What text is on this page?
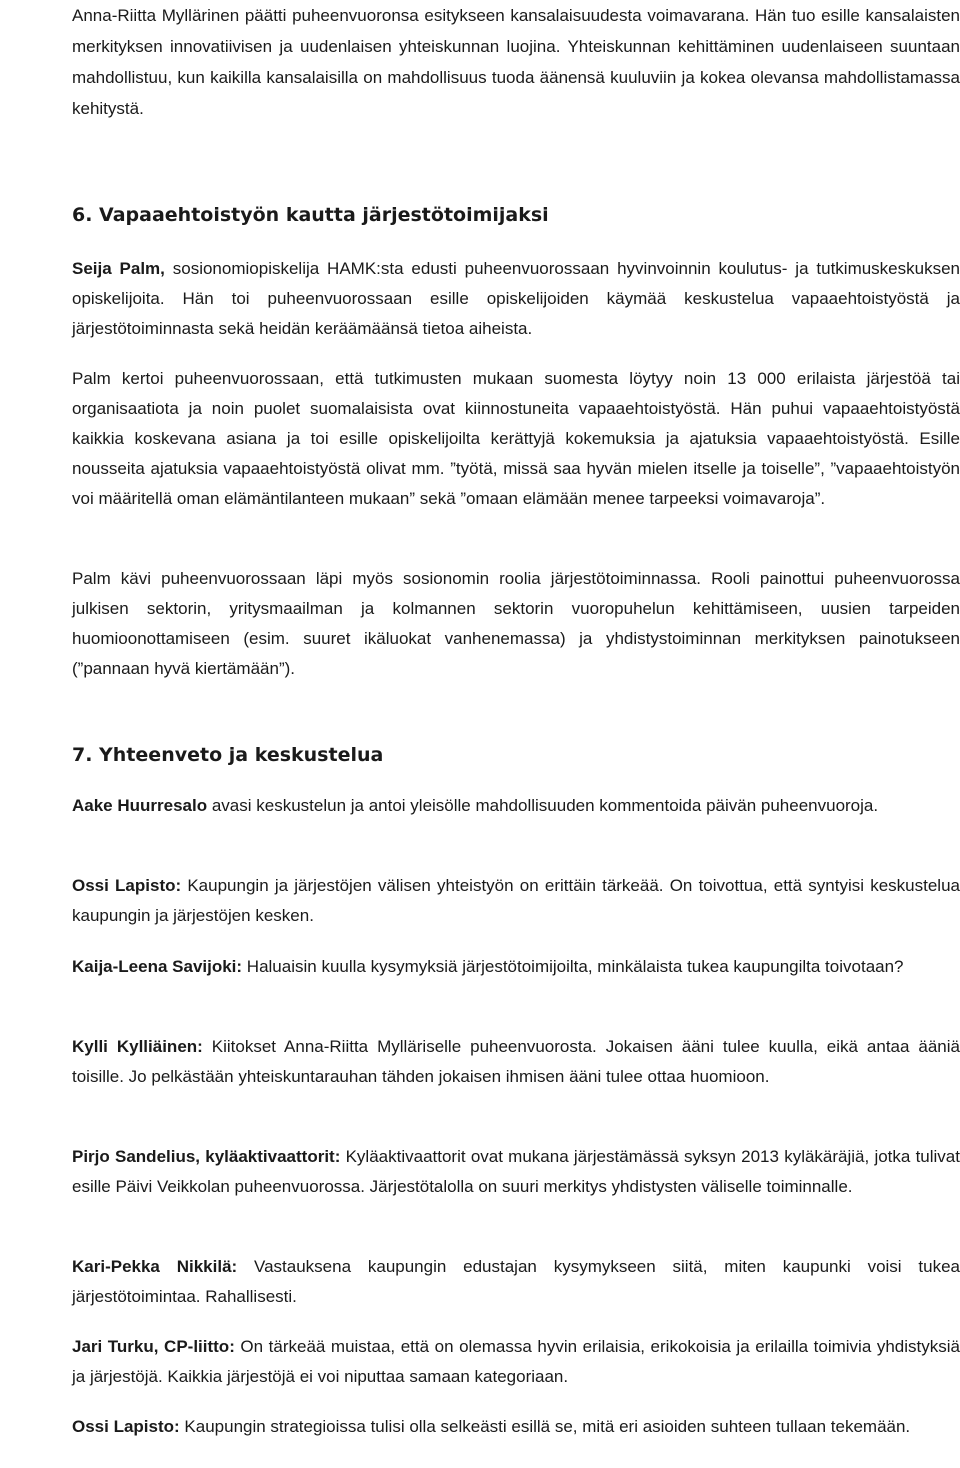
Anna-Riitta Myllärinen päätti puheenvuoronsa esitykseen kansalaisuudesta voimavarana. Hän tuo esille kansalaisten merkityksen innovatiivisen ja uudenlaisen yhteiskunnan luojina. Yhteiskunnan kehittäminen uudenlaiseen suuntaan mahdollistuu, kun kaikilla kansalaisilla on mahdollisuus tuoda äänensä kuuluviin ja kokea olevansa mahdollistamassa kehitystä.

6. Vapaaehtoistyön kautta järjestötoimijaksi

Seija Palm, sosionomiopiskelija HAMK:sta edusti puheenvuorossaan hyvinvoinnin koulutus- ja tutkimuskeskuksen opiskelijoita. Hän toi puheenvuorossaan esille opiskelijoiden käymää keskustelua vapaaehtoistyöstä ja järjestötoiminnasta sekä heidän keräämäänsä tietoa aiheista.

Palm kertoi puheenvuorossaan, että tutkimusten mukaan suomesta löytyy noin 13 000 erilaista järjestöä tai organisaatiota ja noin puolet suomalaisista ovat kiinnostuneita vapaaehtoistyöstä. Hän puhui vapaaehtoistyöstä kaikkia koskevana asiana ja toi esille opiskelijoilta kerättyjä kokemuksia ja ajatuksia vapaaehtoistyöstä. Esille nousseita ajatuksia vapaaehtoistyöstä olivat mm. ”työtä, missä saa hyvän mielen itselle ja toiselle”, ”vapaaehtoistyön voi määritellä oman elämäntilanteen mukaan” sekä ”omaan elämään menee tarpeeksi voimavaroja”.

Palm kävi puheenvuorossaan läpi myös sosionomin roolia järjestötoiminnassa. Rooli painottui puheenvuorossa julkisen sektorin, yritysmaailman ja kolmannen sektorin vuoropuhelun kehittämiseen, uusien tarpeiden huomioonottamiseen (esim. suuret ikäluokat vanhenemassa) ja yhdistystoiminnan merkityksen painotukseen (”pannaan hyvä kiertämään”).

7. Yhteenveto ja keskustelua

Aake Huurresalo avasi keskustelun ja antoi yleisölle mahdollisuuden kommentoida päivän puheenvuoroja.

Ossi Lapisto: Kaupungin ja järjestöjen välisen yhteistyön on erittäin tärkeää. On toivottua, että syntyisi keskustelua kaupungin ja järjestöjen kesken.

Kaija-Leena Savijoki: Haluaisin kuulla kysymyksiä järjestötoimijoilta, minkälaista tukea kaupungilta toivotaan?

Kylli Kylliäinen: Kiitokset Anna-Riitta Mylläriselle puheenvuorosta. Jokaisen ääni tulee kuulla, eikä antaa ääniä toisille. Jo pelkästään yhteiskuntarauhan tähden jokaisen ihmisen ääni tulee ottaa huomioon.

Pirjo Sandelius, kyläaktivaattorit: Kyläaktivaattorit ovat mukana järjestämässä syksyn 2013 kyläkäräjiä, jotka tulivat esille Päivi Veikkolan puheenvuorossa. Järjestötalolla on suuri merkitys yhdistysten väliselle toiminnalle.

Kari-Pekka Nikkilä: Vastauksena kaupungin edustajan kysymykseen siitä, miten kaupunki voisi tukea järjestötoimintaa. Rahallisesti.

Jari Turku, CP-liitto: On tärkeää muistaa, että on olemassa hyvin erilaisia, erikokoisia ja erilailla toimivia yhdistyksiä ja järjestöjä. Kaikkia järjestöjä ei voi niputtaa samaan kategoriaan.

Ossi Lapisto: Kaupungin strategioissa tulisi olla selkeästi esillä se, mitä eri asioiden suhteen tullaan tekemään.
